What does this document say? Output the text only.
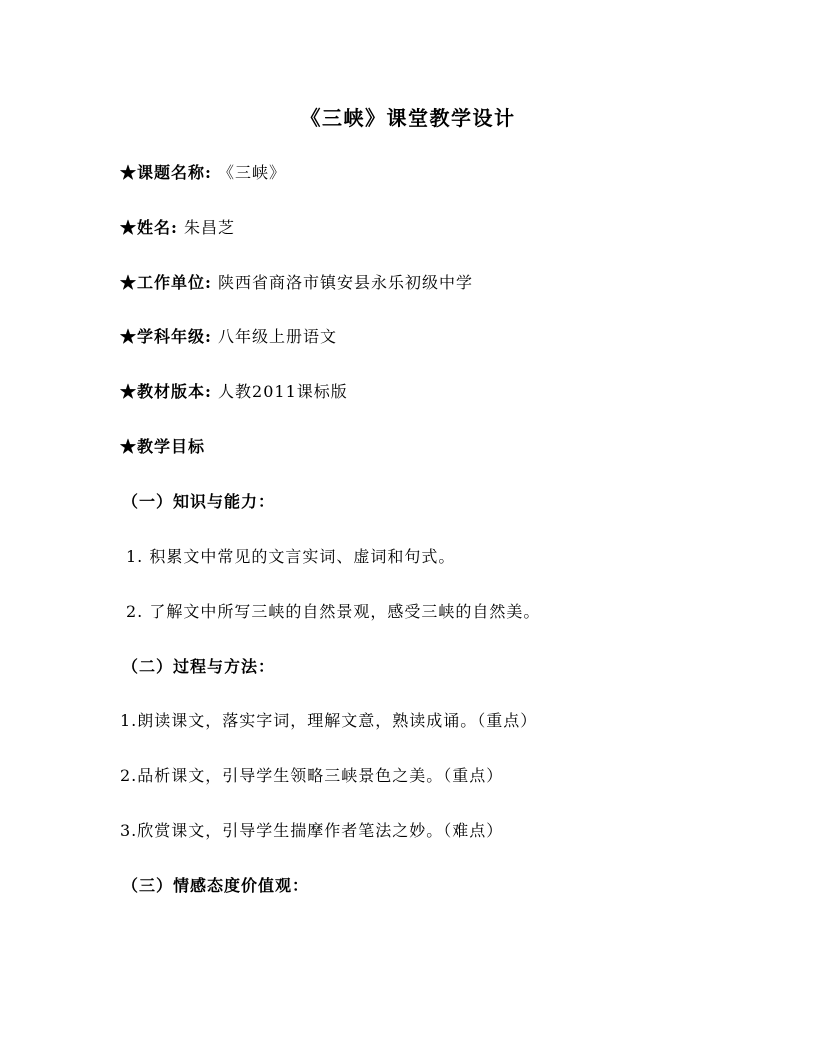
《三峡》课堂教学设计
★课题名称: 《三峡》
★姓名: 朱昌芝
★工作单位: 陕西省商洛市镇安县永乐初级中学
★学科年级: 八年级上册语文
★教材版本: 人教2011课标版
★教学目标
（一）知识与能力：
1. 积累文中常见的文言实词、虚词和句式。
2. 了解文中所写三峡的自然景观，感受三峡的自然美。
（二）过程与方法：
1.朗读课文，落实字词，理解文意，熟读成诵。（重点）
2.品析课文，引导学生领略三峡景色之美。（重点）
3.欣赏课文，引导学生揣摩作者笔法之妙。（难点）
（三）情感态度价值观：
